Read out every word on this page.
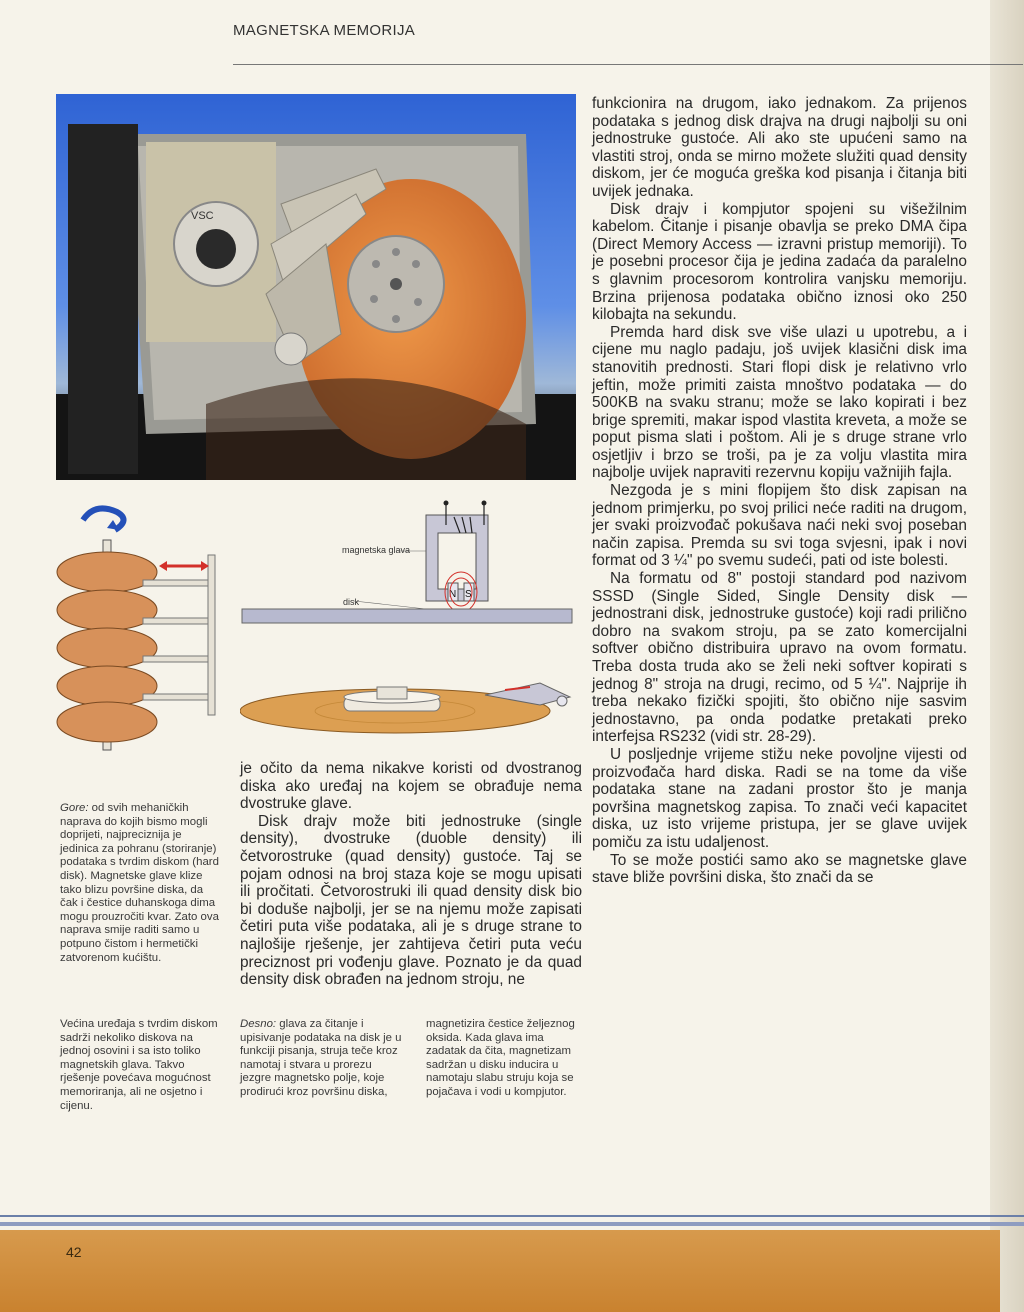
MAGNETSKA MEMORIJA
VSC
magnetska glava
disk
N S

funkcionira na drugom, iako jednakom. Za prijenos podataka s jednog disk drajva na drugi najbolji su oni jednostruke gustoće. Ali ako ste upućeni samo na vlastiti stroj, onda se mirno možete služiti quad density diskom, jer će moguća greška kod pisanja i čitanja biti uvijek jednaka.

Disk drajv i kompjutor spojeni su višežilnim kabelom. Čitanje i pisanje obavlja se preko DMA čipa (Direct Memory Access — izravni pristup memoriji). To je posebni procesor čija je jedina zadaća da paralelno s glavnim procesorom kontrolira vanjsku memoriju. Brzina prijenosa podataka obično iznosi oko 250 kilobajta na sekundu.

Premda hard disk sve više ulazi u upotrebu, a i cijene mu naglo padaju, još uvijek klasični disk ima stanovitih prednosti. Stari flopi disk je relativno vrlo jeftin, može primiti zaista mnoštvo podataka — do 500KB na svaku stranu; može se lako kopirati i bez brige spremiti, makar ispod vlastita kreveta, a može se poput pisma slati i poštom. Ali je s druge strane vrlo osjetljiv i brzo se troši, pa je za volju vlastita mira najbolje uvijek napraviti rezervnu kopiju važnijih fajla.

Nezgoda je s mini flopijem što disk zapisan na jednom primjerku, po svoj prilici neće raditi na drugom, jer svaki proizvođač pokušava naći neki svoj poseban način zapisa. Premda su svi toga svjesni, ipak i novi format od 3 ¼" po svemu sudeći, pati od iste bolesti.

Na formatu od 8" postoji standard pod nazivom SSSD (Single Sided, Single Density disk — jednostrani disk, jednostruke gustoće) koji radi prilično dobro na svakom stroju, pa se zato komercijalni softver obično distribuira upravo na ovom formatu. Treba dosta truda ako se želi neki softver kopirati s jednog 8" stroja na drugi, recimo, od 5 ¼". Najprije ih treba nekako fizički spojiti, što obično nije sasvim jednostavno, pa onda podatke pretakati preko interfejsa RS232 (vidi str. 28-29).

U posljednje vrijeme stižu neke povoljne vijesti od proizvođača hard diska. Radi se na tome da više podataka stane na zadani prostor što je manja površina magnetskog zapisa. To znači veći kapacitet diska, uz isto vrijeme pristupa, jer se glave uvijek pomiču za istu udaljenost.

To se može postići samo ako se magnetske glave stave bliže površini diska, što znači da se

je očito da nema nikakve koristi od dvostranog diska ako uređaj na kojem se obrađuje nema dvostruke glave.

Disk drajv može biti jednostruke (single density), dvostruke (duoble density) ili četvorostruke (quad density) gustoće. Taj se pojam odnosi na broj staza koje se mogu upisati ili pročitati. Četvorostruki ili quad density disk bio bi doduše najbolji, jer se na njemu može zapisati četiri puta više podataka, ali je s druge strane to najlošije rješenje, jer zahtijeva četiri puta veću preciznost pri vođenju glave. Poznato je da quad density disk obrađen na jednom stroju, ne

Gore: od svih mehaničkih naprava do kojih bismo mogli doprijeti, najpreciznija je jedinica za pohranu (storiranje) podataka s tvrdim diskom (hard disk). Magnetske glave klize tako blizu površine diska, da čak i čestice duhanskoga dima mogu prouzročiti kvar. Zato ova naprava smije raditi samo u potpuno čistom i hermetički zatvorenom kućištu.
Većina uređaja s tvrdim diskom sadrži nekoliko diskova na jednoj osovini i sa isto toliko magnetskih glava. Takvo rješenje povećava mogućnost memoriranja, ali ne osjetno i cijenu.
Desno: glava za čitanje i upisivanje podataka na disk je u funkciji pisanja, struja teče kroz namotaj i stvara u prorezu jezgre magnetsko polje, koje prodirući kroz površinu diska,
magnetizira čestice željeznog oksida. Kada glava ima zadatak da čita, magnetizam sadržan u disku inducira u namotaju slabu struju koja se pojačava i vodi u kompjutor.
42
